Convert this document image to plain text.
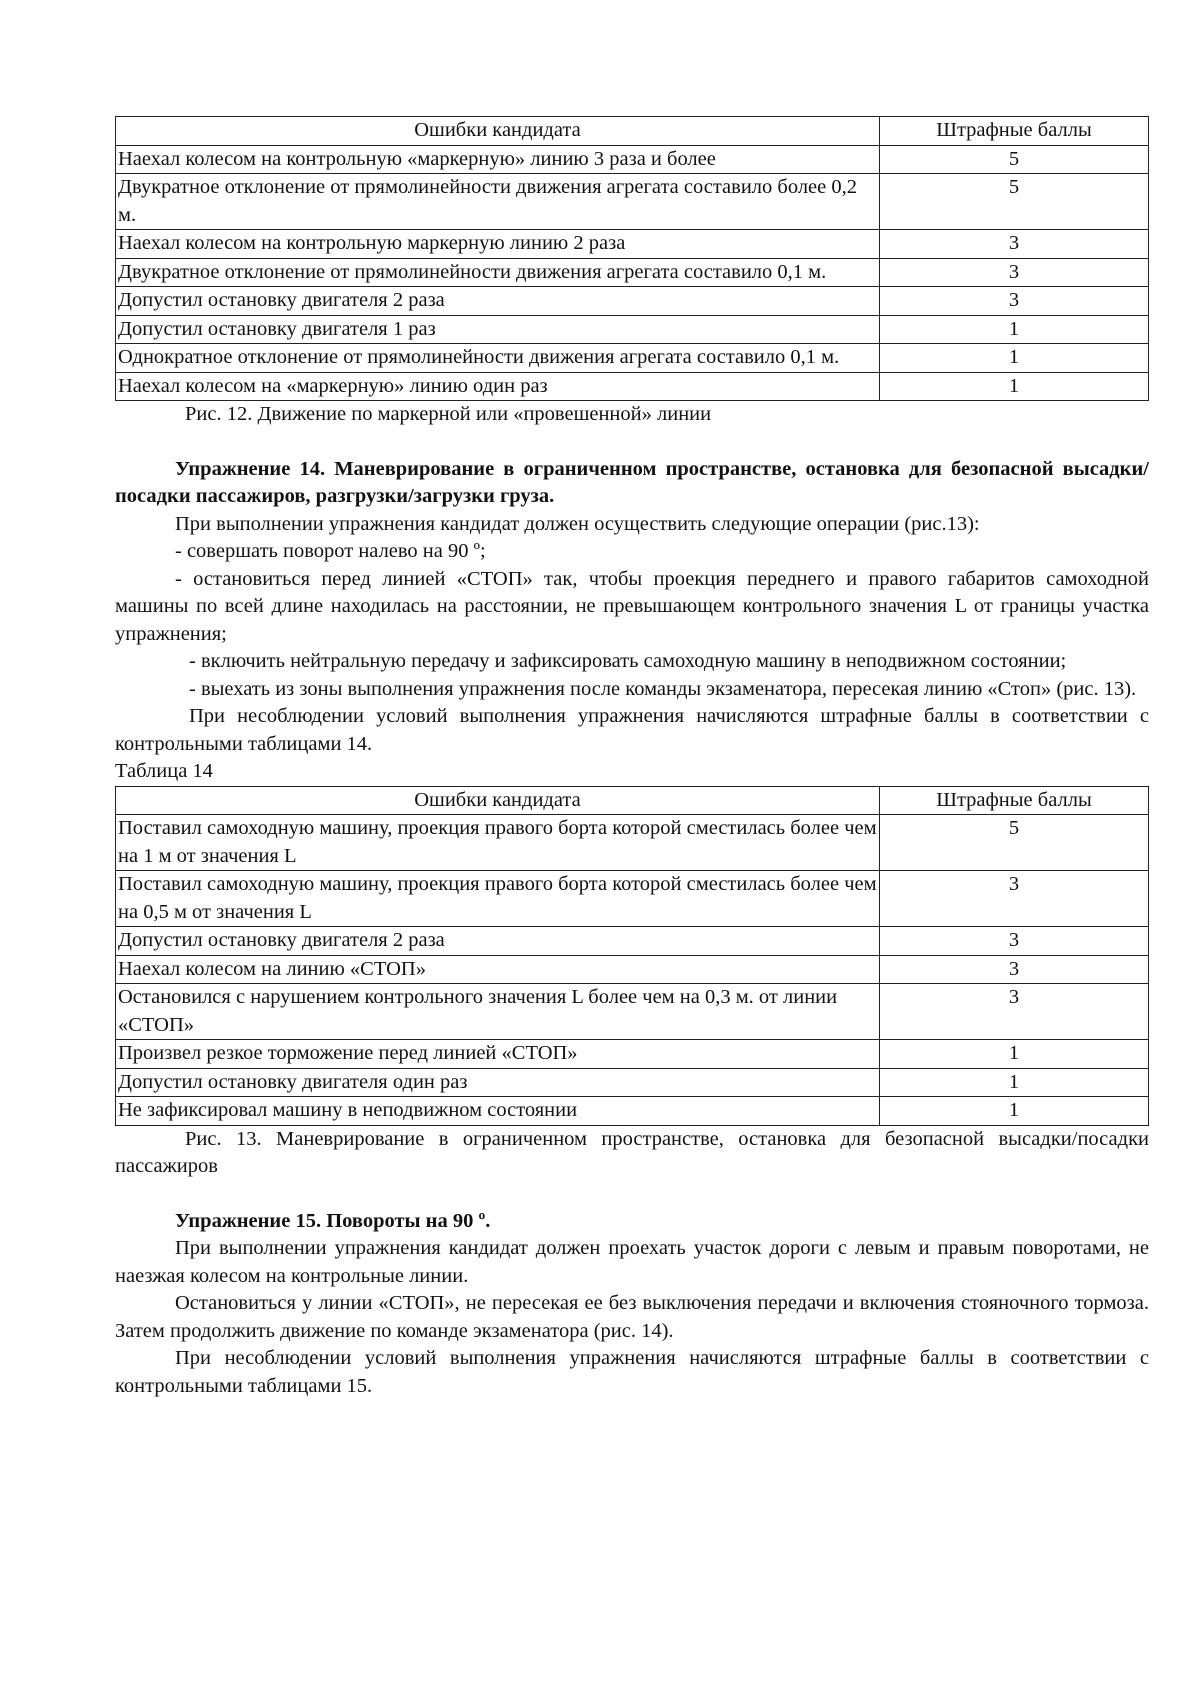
Ошибки кандидата	Штрафные баллы
Наехал колесом на контрольную «маркерную» линию 3 раза и более	5
Двукратное отклонение от прямолинейности движения агрегата составило более 0,2 м.	5
Наехал колесом на контрольную маркерную линию 2 раза	3
Двукратное отклонение от прямолинейности движения агрегата составило 0,1 м.	3
Допустил остановку двигателя 2 раза	3
Допустил остановку двигателя 1 раз	1
Однократное отклонение от прямолинейности движения агрегата составило 0,1 м.	1
Наехал колесом на «маркерную» линию один раз	1
Рис. 12. Движение по маркерной или «провешенной» линии
Упражнение 14. Маневрирование в ограниченном пространстве, остановка для безопасной высадки/посадки пассажиров, разгрузки/загрузки груза.

При выполнении упражнения кандидат должен осуществить следующие операции (рис.13):

- совершать поворот налево на 90 º;

- остановиться перед линией «СТОП» так, чтобы проекция переднего и правого габаритов самоходной машины по всей длине находилась на расстоянии, не превышающем контрольного значения L от границы участка упражнения;

- включить нейтральную передачу и зафиксировать самоходную машину в неподвижном состоянии;

- выехать из зоны выполнения упражнения после команды экзаменатора, пересекая линию «Стоп» (рис. 13).

При несоблюдении условий выполнения упражнения начисляются штрафные баллы в соответствии с контрольными таблицами 14.

Таблица 14
Ошибки кандидата	Штрафные баллы
Поставил самоходную машину, проекция правого борта которой сместилась более чем на 1 м от значения L	5
Поставил самоходную машину, проекция правого борта которой сместилась более чем на 0,5 м от значения L	3
Допустил остановку двигателя 2 раза	3
Наехал колесом на линию «СТОП»	3
Остановился с нарушением контрольного значения L более чем на 0,3 м. от линии «СТОП»	3
Произвел резкое торможение перед линией «СТОП»	1
Допустил остановку двигателя один раз	1
Не зафиксировал машину в неподвижном состоянии	1
Рис. 13. Маневрирование в ограниченном пространстве, остановка для безопасной высадки/посадки пассажиров
Упражнение 15. Повороты на 90 º.

При выполнении упражнения кандидат должен проехать участок дороги с левым и правым поворотами, не наезжая колесом на контрольные линии.

Остановиться у линии «СТОП», не пересекая ее без выключения передачи и включения стояночного тормоза. Затем продолжить движение по команде экзаменатора (рис. 14).

При несоблюдении условий выполнения упражнения начисляются штрафные баллы в соответствии с контрольными таблицами 15.
